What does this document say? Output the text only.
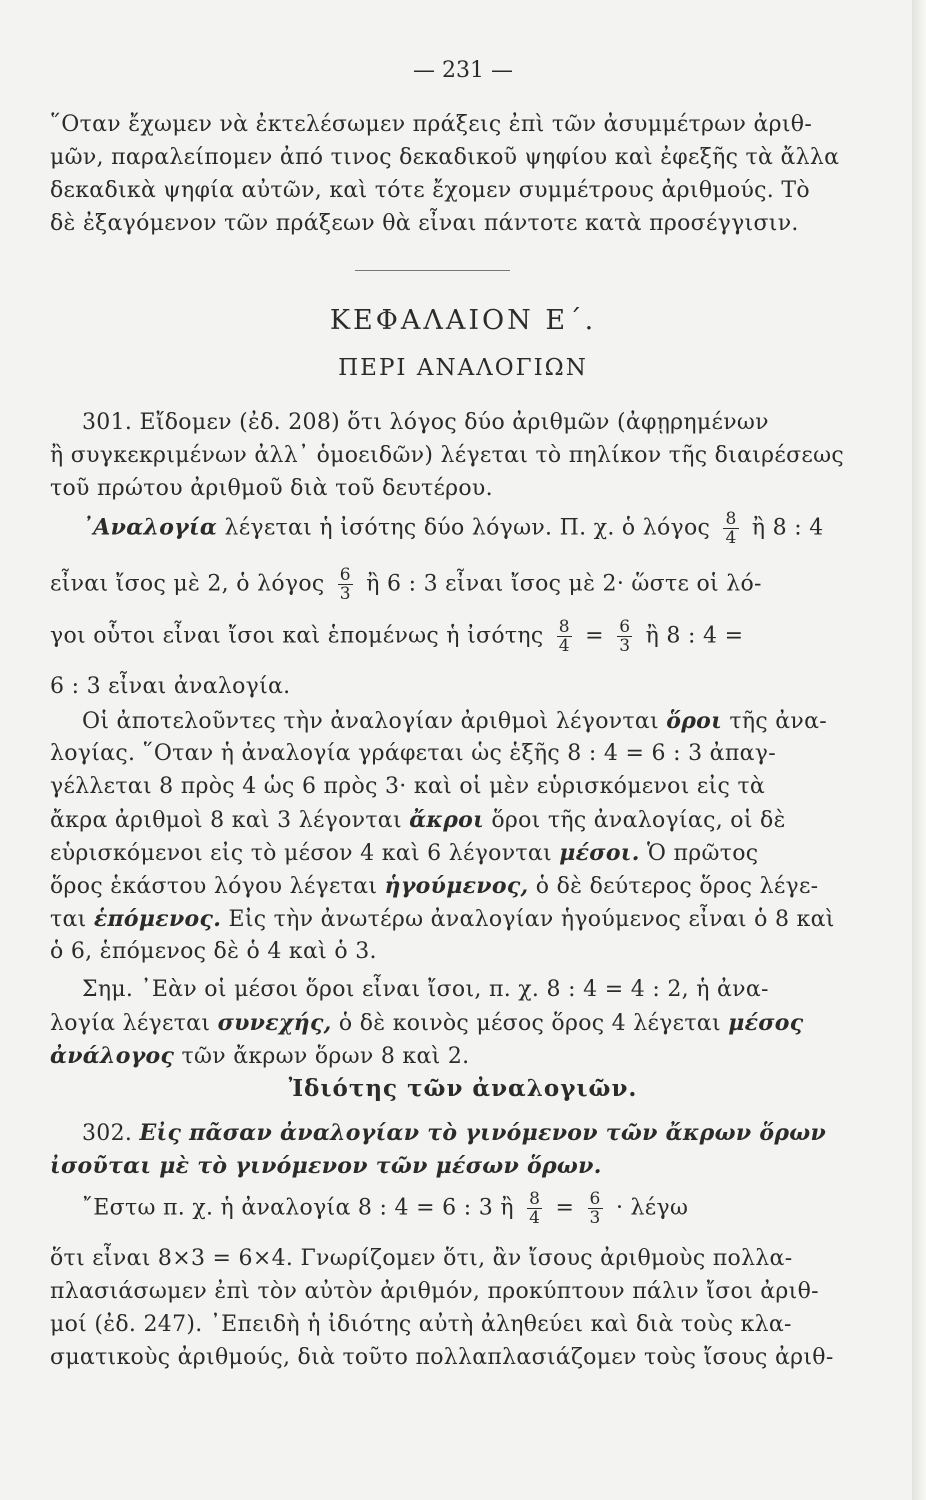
— 231 —
῞Οταν ἔχωμεν νὰ ἐκτελέσωμεν πράξεις ἐπὶ τῶν ἀσυμμέτρων ἀριθ-
μῶν, παραλείπομεν ἀπό τινος δεκαδικοῦ ψηφίου καὶ ἐφεξῆς τὰ ἄλλα
δεκαδικὰ ψηφία αὐτῶν, καὶ τότε ἔχομεν συμμέτρους ἀριθμούς. Τὸ
δὲ ἐξαγόμενον τῶν πράξεων θὰ εἶναι πάντοτε κατὰ προσέγγισιν.
ΚΕΦΑΛΑΙΟΝ Ε΄.
ΠΕΡΙ ΑΝΑΛΟΓΙΩΝ
301. Εἴδομεν (ἐδ. 208) ὅτι λόγος δύο ἀριθμῶν (ἀφῃρημένων
ἢ συγκεκριμένων ἀλλ᾽ ὁμοειδῶν) λέγεται τὸ πηλίκον τῆς διαιρέσεως
τοῦ πρώτου ἀριθμοῦ διὰ τοῦ δευτέρου.
᾽Αναλογία λέγεται ἡ ἰσότης δύο λόγων. Π. χ. ὁ λόγος $\frac{8}{4}$ ἢ 8 : 4
εἶναι ἴσος μὲ 2, ὁ λόγος $\frac{6}{3}$ ἢ 6 : 3 εἶναι ἴσος μὲ 2· ὥστε οἱ λό-
γοι οὗτοι εἶναι ἴσοι καὶ ἑπομένως ἡ ἰσότης $\frac{8}{4} = \frac{6}{3}$ ἢ 8 : 4 =
6 : 3 εἶναι ἀναλογία.
Οἱ ἀποτελοῦντες τὴν ἀναλογίαν ἀριθμοὶ λέγονται ὅροι τῆς ἀνα-
λογίας. ῞Οταν ἡ ἀναλογία γράφεται ὡς ἑξῆς 8 : 4 = 6 : 3 ἀπαγ-
γέλλεται 8 πρὸς 4 ὡς 6 πρὸς 3· καὶ οἱ μὲν εὑρισκόμενοι εἰς τὰ
ἄκρα ἀριθμοὶ 8 καὶ 3 λέγονται ἄκροι ὅροι τῆς ἀναλογίας, οἱ δὲ
εὑρισκόμενοι εἰς τὸ μέσον 4 καὶ 6 λέγονται μέσοι. Ὁ πρῶτος
ὅρος ἑκάστου λόγου λέγεται ἡγούμενος, ὁ δὲ δεύτερος ὅρος λέγε-
ται ἑπόμενος. Εἰς τὴν ἀνωτέρω ἀναλογίαν ἡγούμενος εἶναι ὁ 8 καὶ
ὁ 6, ἑπόμενος δὲ ὁ 4 καὶ ὁ 3.
Σημ. ᾽Εὰν οἱ μέσοι ὅροι εἶναι ἴσοι, π. χ. 8 : 4 = 4 : 2, ἡ ἀνα-
λογία λέγεται συνεχής, ὁ δὲ κοινὸς μέσος ὅρος 4 λέγεται μέσος
ἀνάλογος τῶν ἄκρων ὅρων 8 καὶ 2.
Ἰδιότης τῶν ἀναλογιῶν.
302. Εἰς πᾶσαν ἀναλογίαν τὸ γινόμενον τῶν ἄκρων ὅρων
ἰσοῦται μὲ τὸ γινόμενον τῶν μέσων ὅρων.
῎Εστω π. χ. ἡ ἀναλογία 8 : 4 = 6 : 3 ἢ $\frac{8}{4} = \frac{6}{3} \cdot \lambda έ\gamma\omega$
ὅτι εἶναι 8×3 = 6×4. Γνωρίζομεν ὅτι, ἂν ἴσους ἀριθμοὺς πολλα-
πλασιάσωμεν ἐπὶ τὸν αὐτὸν ἀριθμόν, προκύπτουν πάλιν ἴσοι ἀριθ-
μοί (ἐδ. 247). ᾽Επειδὴ ἡ ἰδιότης αὐτὴ ἀληθεύει καὶ διὰ τοὺς κλα-
σματικοὺς ἀριθμούς, διὰ τοῦτο πολλαπλασιάζομεν τοὺς ἴσους ἀριθ-
